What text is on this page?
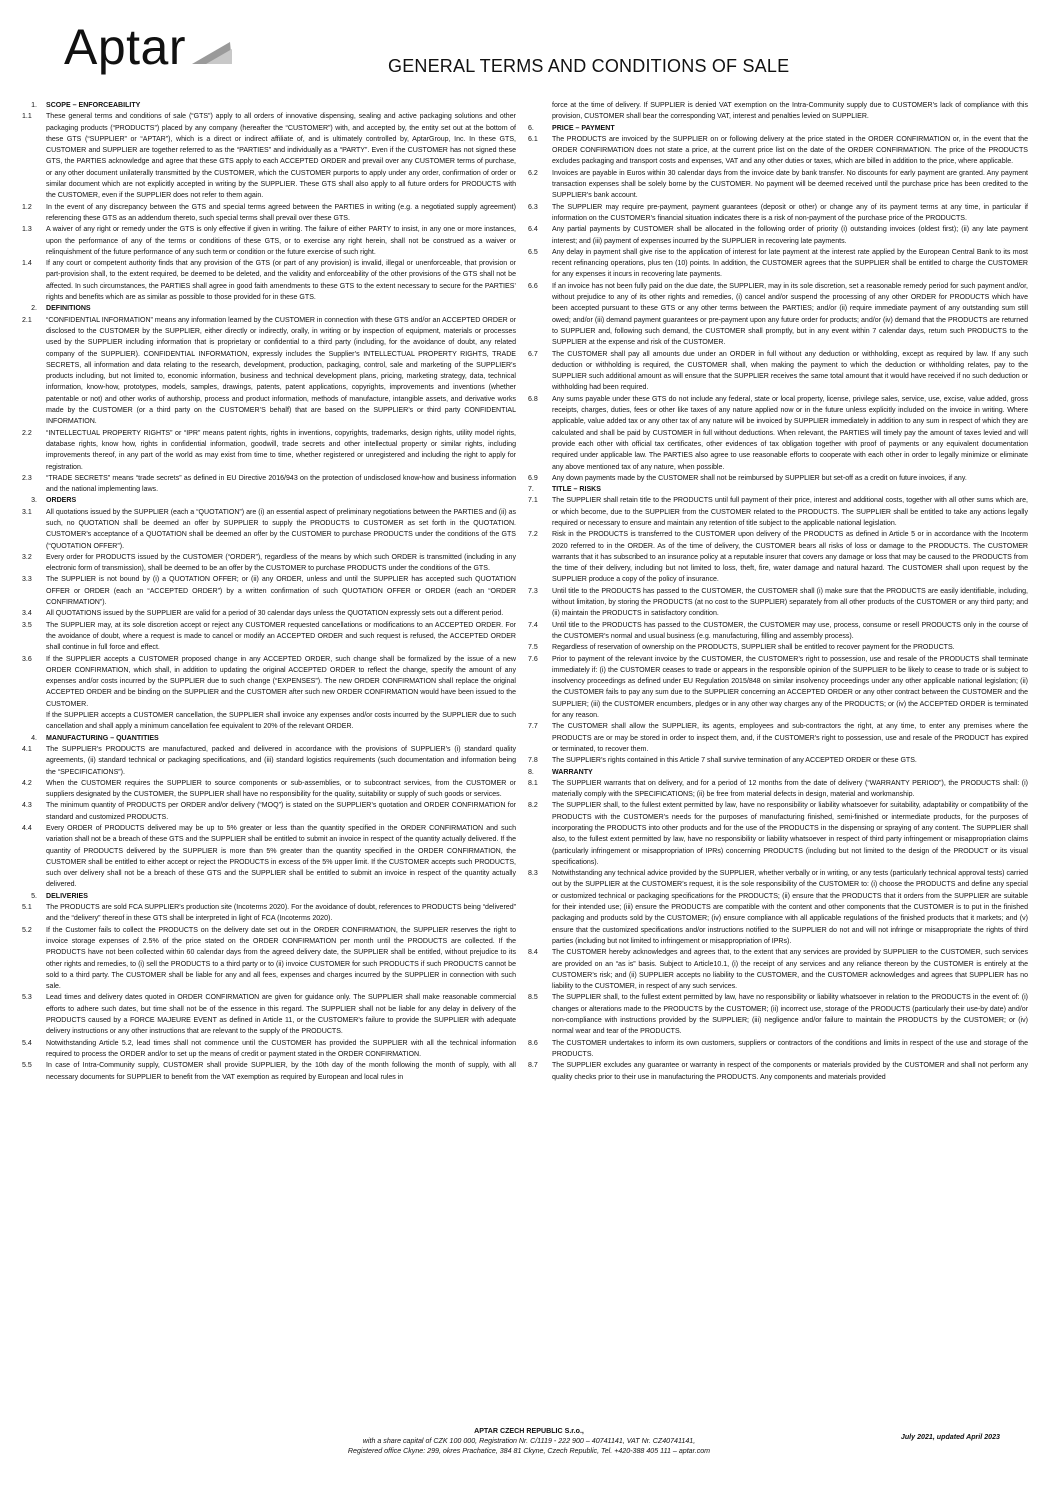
Aptar	GENERAL TERMS AND CONDITIONS OF SALE
1.	SCOPE – ENFORCEABILITY
1.1	These general terms and conditions of sale (“GTS”) apply to all orders of innovative dispensing, sealing and active packaging solutions and other packaging products (“PRODUCTS”) placed by any company (hereafter the “CUSTOMER”) with, and accepted by, the entity set out at the bottom of these GTS (“SUPPLIER” or “APTAR”), which is a direct or indirect affiliate of, and is ultimately controlled by, AptarGroup, Inc. In these GTS, CUSTOMER and SUPPLIER are together referred to as the “PARTIES” and individually as a “PARTY”. Even if the CUSTOMER has not signed these GTS, the PARTIES acknowledge and agree that these GTS apply to each ACCEPTED ORDER and prevail over any CUSTOMER terms of purchase, or any other document unilaterally transmitted by the CUSTOMER, which the CUSTOMER purports to apply under any order, confirmation of order or similar document which are not explicitly accepted in writing by the SUPPLIER. These GTS shall also apply to all future orders for PRODUCTS with the CUSTOMER, even if the SUPPLIER does not refer to them again.
1.2	In the event of any discrepancy between the GTS and special terms agreed between the PARTIES in writing (e.g. a negotiated supply agreement) referencing these GTS as an addendum thereto, such special terms shall prevail over these GTS.
1.3	A waiver of any right or remedy under the GTS is only effective if given in writing. The failure of either PARTY to insist, in any one or more instances, upon the performance of any of the terms or conditions of these GTS, or to exercise any right herein, shall not be construed as a waiver or relinquishment of the future performance of any such term or condition or the future exercise of such right.
1.4	If any court or competent authority finds that any provision of the GTS (or part of any provision) is invalid, illegal or unenforceable, that provision or part-provision shall, to the extent required, be deemed to be deleted, and the validity and enforceability of the other provisions of the GTS shall not be affected. In such circumstances, the PARTIES shall agree in good faith amendments to these GTS to the extent necessary to secure for the PARTIES’ rights and benefits which are as similar as possible to those provided for in these GTS.
2.	DEFINITIONS
2.1	“CONFIDENTIAL INFORMATION” means any information learned by the CUSTOMER in connection with these GTS and/or an ACCEPTED ORDER or disclosed to the CUSTOMER by the SUPPLIER, either directly or indirectly, orally, in writing or by inspection of equipment, materials or processes used by the SUPPLIER including information that is proprietary or confidential to a third party (including, for the avoidance of doubt, any related company of the SUPPLIER). CONFIDENTIAL INFORMATION, expressly includes the Supplier’s INTELLECTUAL PROPERTY RIGHTS, TRADE SECRETS, all information and data relating to the research, development, production, packaging, control, sale and marketing of the SUPPLIER’s products including, but not limited to, economic information, business and technical development plans, pricing, marketing strategy, data, technical information, know-how, prototypes, models, samples, drawings, patents, patent applications, copyrights, improvements and inventions (whether patentable or not) and other works of authorship, process and product information, methods of manufacture, intangible assets, and derivative works made by the CUSTOMER (or a third party on the CUSTOMER’S behalf) that are based on the SUPPLIER’s or third party CONFIDENTIAL INFORMATION.
2.2	“INTELLECTUAL PROPERTY RIGHTS” or “IPR” means patent rights, rights in inventions, copyrights, trademarks, design rights, utility model rights, database rights, know how, rights in confidential information, goodwill, trade secrets and other intellectual property or similar rights, including improvements thereof, in any part of the world as may exist from time to time, whether registered or unregistered and including the right to apply for registration.
2.3	“TRADE SECRETS” means “trade secrets” as defined in EU Directive 2016/943 on the protection of undisclosed know-how and business information and the national implementing laws.
3.	ORDERS
3.1	All quotations issued by the SUPPLIER (each a “QUOTATION”) are (i) an essential aspect of preliminary negotiations between the PARTIES and (ii) as such, no QUOTATION shall be deemed an offer by SUPPLIER to supply the PRODUCTS to CUSTOMER as set forth in the QUOTATION. CUSTOMER’s acceptance of a QUOTATION shall be deemed an offer by the CUSTOMER to purchase PRODUCTS under the conditions of the GTS (“QUOTATION OFFER”).
3.2	Every order for PRODUCTS issued by the CUSTOMER (“ORDER”), regardless of the means by which such ORDER is transmitted (including in any electronic form of transmission), shall be deemed to be an offer by the CUSTOMER to purchase PRODUCTS under the conditions of the GTS.
3.3	The SUPPLIER is not bound by (i) a QUOTATION OFFER; or (ii) any ORDER, unless and until the SUPPLIER has accepted such QUOTATION OFFER or ORDER (each an “ACCEPTED ORDER”) by a written confirmation of such QUOTATION OFFER or ORDER (each an “ORDER CONFIRMATION”).
3.4	All QUOTATIONS issued by the SUPPLIER are valid for a period of 30 calendar days unless the QUOTATION expressly sets out a different period.
3.5	The SUPPLIER may, at its sole discretion accept or reject any CUSTOMER requested cancellations or modifications to an ACCEPTED ORDER. For the avoidance of doubt, where a request is made to cancel or modify an ACCEPTED ORDER and such request is refused, the ACCEPTED ORDER shall continue in full force and effect.
3.6	If the SUPPLIER accepts a CUSTOMER proposed change in any ACCEPTED ORDER, such change shall be formalized by the issue of a new ORDER CONFIRMATION, which shall, in addition to updating the original ACCEPTED ORDER to reflect the change, specify the amount of any expenses and/or costs incurred by the SUPPLIER due to such change (“EXPENSES”). The new ORDER CONFIRMATION shall replace the original ACCEPTED ORDER and be binding on the SUPPLIER and the CUSTOMER after such new ORDER CONFIRMATION would have been issued to the CUSTOMER.
If the SUPPLIER accepts a CUSTOMER cancellation, the SUPPLIER shall invoice any expenses and/or costs incurred by the SUPPLIER due to such cancellation and shall apply a minimum cancellation fee equivalent to 20% of the relevant ORDER.
4.	MANUFACTURING – QUANTITIES
4.1	The SUPPLIER’s PRODUCTS are manufactured, packed and delivered in accordance with the provisions of SUPPLIER’s (i) standard quality agreements, (ii) standard technical or packaging specifications, and (iii) standard logistics requirements (such documentation and information being the “SPECIFICATIONS”).
4.2	When the CUSTOMER requires the SUPPLIER to source components or sub-assemblies, or to subcontract services, from the CUSTOMER or suppliers designated by the CUSTOMER, the SUPPLIER shall have no responsibility for the quality, suitability or supply of such goods or services.
4.3	The minimum quantity of PRODUCTS per ORDER and/or delivery (“MOQ”) is stated on the SUPPLIER’s quotation and ORDER CONFIRMATION for standard and customized PRODUCTS.
4.4	Every ORDER of PRODUCTS delivered may be up to 5% greater or less than the quantity specified in the ORDER CONFIRMATION and such variation shall not be a breach of these GTS and the SUPPLIER shall be entitled to submit an invoice in respect of the quantity actually delivered. If the quantity of PRODUCTS delivered by the SUPPLIER is more than 5% greater than the quantity specified in the ORDER CONFIRMATION, the CUSTOMER shall be entitled to either accept or reject the PRODUCTS in excess of the 5% upper limit. If the CUSTOMER accepts such PRODUCTS, such over delivery shall not be a breach of these GTS and the SUPPLIER shall be entitled to submit an invoice in respect of the quantity actually delivered.
5.	DELIVERIES
5.1	The PRODUCTS are sold FCA SUPPLIER’s production site (Incoterms 2020). For the avoidance of doubt, references to PRODUCTS being “delivered” and the “delivery” thereof in these GTS shall be interpreted in light of FCA (Incoterms 2020).
5.2	If the Customer fails to collect the PRODUCTS on the delivery date set out in the ORDER CONFIRMATION, the SUPPLIER reserves the right to invoice storage expenses of 2.5% of the price stated on the ORDER CONFIRMATION per month until the PRODUCTS are collected. If the PRODUCTS have not been collected within 60 calendar days from the agreed delivery date, the SUPPLIER shall be entitled, without prejudice to its other rights and remedies, to (i) sell the PRODUCTS to a third party or to (ii) invoice CUSTOMER for such PRODUCTS if such PRODUCTS cannot be sold to a third party. The CUSTOMER shall be liable for any and all fees, expenses and charges incurred by the SUPPLIER in connection with such sale.
5.3	Lead times and delivery dates quoted in ORDER CONFIRMATION are given for guidance only. The SUPPLIER shall make reasonable commercial efforts to adhere such dates, but time shall not be of the essence in this regard. The SUPPLIER shall not be liable for any delay in delivery of the PRODUCTS caused by a FORCE MAJEURE EVENT as defined in Article 11, or the CUSTOMER’s failure to provide the SUPPLIER with adequate delivery instructions or any other instructions that are relevant to the supply of the PRODUCTS.
5.4	Notwithstanding Article 5.2, lead times shall not commence until the CUSTOMER has provided the SUPPLIER with all the technical information required to process the ORDER and/or to set up the means of credit or payment stated in the ORDER CONFIRMATION.
5.5	In case of Intra-Community supply, CUSTOMER shall provide SUPPLIER, by the 10th day of the month following the month of supply, with all necessary documents for SUPPLIER to benefit from the VAT exemption as required by European and local rules in
force at the time of delivery. If SUPPLIER is denied VAT exemption on the Intra-Community supply due to CUSTOMER’s lack of compliance with this provision, CUSTOMER shall bear the corresponding VAT, interest and penalties levied on SUPPLIER.
6.	PRICE – PAYMENT
6.1	The PRODUCTS are invoiced by the SUPPLIER on or following delivery at the price stated in the ORDER CONFIRMATION or, in the event that the ORDER CONFIRMATION does not state a price, at the current price list on the date of the ORDER CONFIRMATION. The price of the PRODUCTS excludes packaging and transport costs and expenses, VAT and any other duties or taxes, which are billed in addition to the price, where applicable.
6.2	Invoices are payable in Euros within 30 calendar days from the invoice date by bank transfer. No discounts for early payment are granted. Any payment transaction expenses shall be solely borne by the CUSTOMER. No payment will be deemed received until the purchase price has been credited to the SUPPLIER’s bank account.
6.3	The SUPPLIER may require pre-payment, payment guarantees (deposit or other) or change any of its payment terms at any time, in particular if information on the CUSTOMER’s financial situation indicates there is a risk of non-payment of the purchase price of the PRODUCTS.
6.4	Any partial payments by CUSTOMER shall be allocated in the following order of priority (i) outstanding invoices (oldest first); (ii) any late payment interest; and (iii) payment of expenses incurred by the SUPPLIER in recovering late payments.
6.5	Any delay in payment shall give rise to the application of interest for late payment at the interest rate applied by the European Central Bank to its most recent refinancing operations, plus ten (10) points. In addition, the CUSTOMER agrees that the SUPPLIER shall be entitled to charge the CUSTOMER for any expenses it incurs in recovering late payments.
6.6	If an invoice has not been fully paid on the due date, the SUPPLIER, may in its sole discretion, set a reasonable remedy period for such payment and/or, without prejudice to any of its other rights and remedies, (i) cancel and/or suspend the processing of any other ORDER for PRODUCTS which have been accepted pursuant to these GTS or any other terms between the PARTIES; and/or (ii) require immediate payment of any outstanding sum still owed; and/or (iii) demand payment guarantees or pre-payment upon any future order for products; and/or (iv) demand that the PRODUCTS are returned to SUPPLIER and, following such demand, the CUSTOMER shall promptly, but in any event within 7 calendar days, return such PRODUCTS to the SUPPLIER at the expense and risk of the CUSTOMER.
6.7	The CUSTOMER shall pay all amounts due under an ORDER in full without any deduction or withholding, except as required by law. If any such deduction or withholding is required, the CUSTOMER shall, when making the payment to which the deduction or withholding relates, pay to the SUPPLIER such additional amount as will ensure that the SUPPLIER receives the same total amount that it would have received if no such deduction or withholding had been required.
6.8	Any sums payable under these GTS do not include any federal, state or local property, license, privilege sales, service, use, excise, value added, gross receipts, charges, duties, fees or other like taxes of any nature applied now or in the future unless explicitly included on the invoice in writing. Where applicable, value added tax or any other tax of any nature will be invoiced by SUPPLIER immediately in addition to any sum in respect of which they are calculated and shall be paid by CUSTOMER in full without deductions. When relevant, the PARTIES will timely pay the amount of taxes levied and will provide each other with official tax certificates, other evidences of tax obligation together with proof of payments or any equivalent documentation required under applicable law. The PARTIES also agree to use reasonable efforts to cooperate with each other in order to legally minimize or eliminate any above mentioned tax of any nature, when possible.
6.9	Any down payments made by the CUSTOMER shall not be reimbursed by SUPPLIER but set-off as a credit on future invoices, if any.
7.	TITLE – RISKS
7.1	The SUPPLIER shall retain title to the PRODUCTS until full payment of their price, interest and additional costs, together with all other sums which are, or which become, due to the SUPPLIER from the CUSTOMER related to the PRODUCTS. The SUPPLIER shall be entitled to take any actions legally required or necessary to ensure and maintain any retention of title subject to the applicable national legislation.
7.2	Risk in the PRODUCTS is transferred to the CUSTOMER upon delivery of the PRODUCTS as defined in Article 5 or in accordance with the Incoterm 2020 referred to in the ORDER. As of the time of delivery, the CUSTOMER bears all risks of loss or damage to the PRODUCTS. The CUSTOMER warrants that it has subscribed to an insurance policy at a reputable insurer that covers any damage or loss that may be caused to the PRODUCTS from the time of their delivery, including but not limited to loss, theft, fire, water damage and natural hazard. The CUSTOMER shall upon request by the SUPPLIER produce a copy of the policy of insurance.
7.3	Until title to the PRODUCTS has passed to the CUSTOMER, the CUSTOMER shall (i) make sure that the PRODUCTS are easily identifiable, including, without limitation, by storing the PRODUCTS (at no cost to the SUPPLIER) separately from all other products of the CUSTOMER or any third party; and (ii) maintain the PRODUCTS in satisfactory condition.
7.4	Until title to the PRODUCTS has passed to the CUSTOMER, the CUSTOMER may use, process, consume or resell PRODUCTS only in the course of the CUSTOMER’s normal and usual business (e.g. manufacturing, filling and assembly process).
7.5	Regardless of reservation of ownership on the PRODUCTS, SUPPLIER shall be entitled to recover payment for the PRODUCTS.
7.6	Prior to payment of the relevant invoice by the CUSTOMER, the CUSTOMER’s right to possession, use and resale of the PRODUCTS shall terminate immediately if: (i) the CUSTOMER ceases to trade or appears in the responsible opinion of the SUPPLIER to be likely to cease to trade or is subject to insolvency proceedings as defined under EU Regulation 2015/848 on similar insolvency proceedings under any other applicable national legislation; (ii) the CUSTOMER fails to pay any sum due to the SUPPLIER concerning an ACCEPTED ORDER or any other contract between the CUSTOMER and the SUPPLIER; (iii) the CUSTOMER encumbers, pledges or in any other way charges any of the PRODUCTS; or (iv) the ACCEPTED ORDER is terminated for any reason.
7.7	The CUSTOMER shall allow the SUPPLIER, its agents, employees and sub-contractors the right, at any time, to enter any premises where the PRODUCTS are or may be stored in order to inspect them, and, if the CUSTOMER’s right to possession, use and resale of the PRODUCT has expired or terminated, to recover them.
7.8	The SUPPLIER’s rights contained in this Article 7 shall survive termination of any ACCEPTED ORDER or these GTS.
8.	WARRANTY
8.1	The SUPPLIER warrants that on delivery, and for a period of 12 months from the date of delivery (“WARRANTY PERIOD”), the PRODUCTS shall: (i) materially comply with the SPECIFICATIONS; (ii) be free from material defects in design, material and workmanship.
8.2	The SUPPLIER shall, to the fullest extent permitted by law, have no responsibility or liability whatsoever for suitability, adaptability or compatibility of the PRODUCTS with the CUSTOMER’s needs for the purposes of manufacturing finished, semi-finished or intermediate products, for the purposes of incorporating the PRODUCTS into other products and for the use of the PRODUCTS in the dispensing or spraying of any content. The SUPPLIER shall also, to the fullest extent permitted by law, have no responsibility or liability whatsoever in respect of third party infringement or misappropriation claims (particularly infringement or misappropriation of IPRs) concerning PRODUCTS (including but not limited to the design of the PRODUCT or its visual specifications).
8.3	Notwithstanding any technical advice provided by the SUPPLIER, whether verbally or in writing, or any tests (particularly technical approval tests) carried out by the SUPPLIER at the CUSTOMER’s request, it is the sole responsibility of the CUSTOMER to: (i) choose the PRODUCTS and define any special or customized technical or packaging specifications for the PRODUCTS; (ii) ensure that the PRODUCTS that it orders from the SUPPLIER are suitable for their intended use; (iii) ensure the PRODUCTS are compatible with the content and other components that the CUSTOMER is to put in the finished packaging and products sold by the CUSTOMER; (iv) ensure compliance with all applicable regulations of the finished products that it markets; and (v) ensure that the customized specifications and/or instructions notified to the SUPPLIER do not and will not infringe or misappropriate the rights of third parties (including but not limited to infringement or misappropriation of IPRs).
8.4	The CUSTOMER hereby acknowledges and agrees that, to the extent that any services are provided by SUPPLIER to the CUSTOMER, such services are provided on an “as is” basis. Subject to Article10.1, (i) the receipt of any services and any reliance thereon by the CUSTOMER is entirely at the CUSTOMER’s risk; and (ii) SUPPLIER accepts no liability to the CUSTOMER, and the CUSTOMER acknowledges and agrees that SUPPLIER has no liability to the CUSTOMER, in respect of any such services.
8.5	The SUPPLIER shall, to the fullest extent permitted by law, have no responsibility or liability whatsoever in relation to the PRODUCTS in the event of: (i) changes or alterations made to the PRODUCTS by the CUSTOMER; (ii) incorrect use, storage of the PRODUCTS (particularly their use-by date) and/or non-compliance with instructions provided by the SUPPLIER; (iii) negligence and/or failure to maintain the PRODUCTS by the CUSTOMER; or (iv) normal wear and tear of the PRODUCTS.
8.6	The CUSTOMER undertakes to inform its own customers, suppliers or contractors of the conditions and limits in respect of the use and storage of the PRODUCTS.
8.7	The SUPPLIER excludes any guarantee or warranty in respect of the components or materials provided by the CUSTOMER and shall not perform any quality checks prior to their use in manufacturing the PRODUCTS. Any components and materials provided
APTAR CZECH REPUBLIC S.r.o.,
with a share capital of CZK 100 000, Registration Nr. C/1119 - 222 900 – 40741141, VAT Nr. CZ40741141,
Registered office Ckyne: 299, okres Prachatice, 384 81 Ckyne, Czech Republic, Tel. +420-388 405 111 – aptar.com
July 2021, updated April 2023
